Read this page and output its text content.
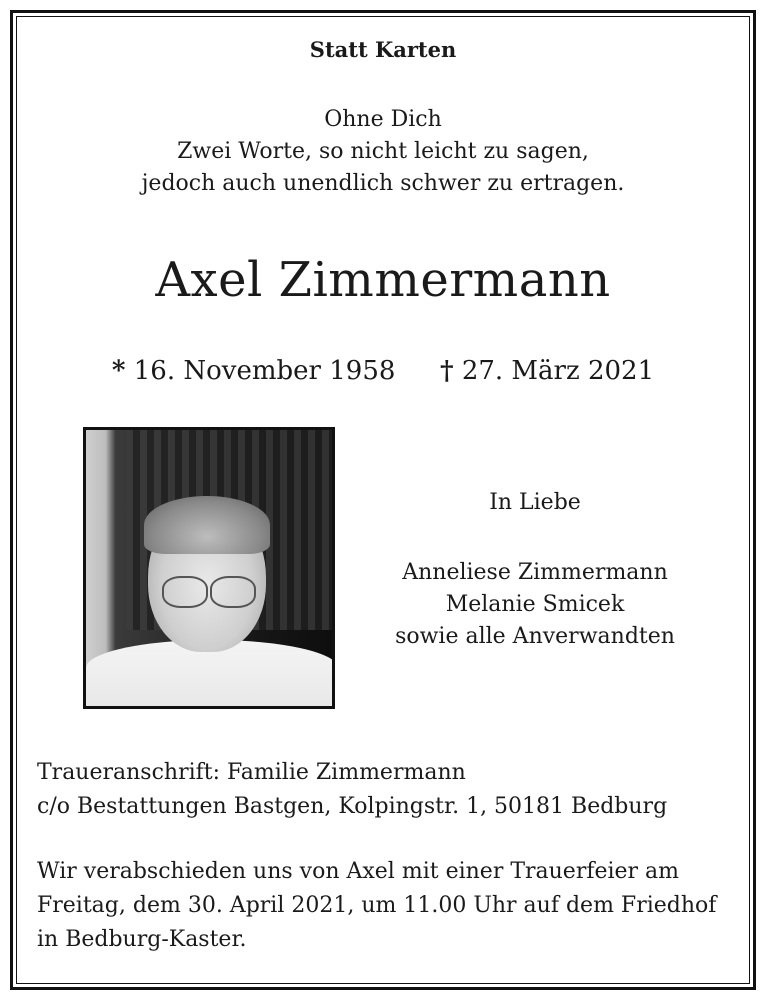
Statt Karten
Ohne Dich
Zwei Worte, so nicht leicht zu sagen,
jedoch auch unendlich schwer zu ertragen.
Axel Zimmermann
* 16. November 1958 † 27. März 2021
In Liebe
Anneliese Zimmermann
Melanie Smicek
sowie alle Anverwandten
Traueranschrift: Familie Zimmermann
c/o Bestattungen Bastgen, Kolpingstr. 1, 50181 Bedburg
Wir verabschieden uns von Axel mit einer Trauerfeier am
Freitag, dem 30. April 2021, um 11.00 Uhr auf dem Friedhof
in Bedburg-Kaster.
